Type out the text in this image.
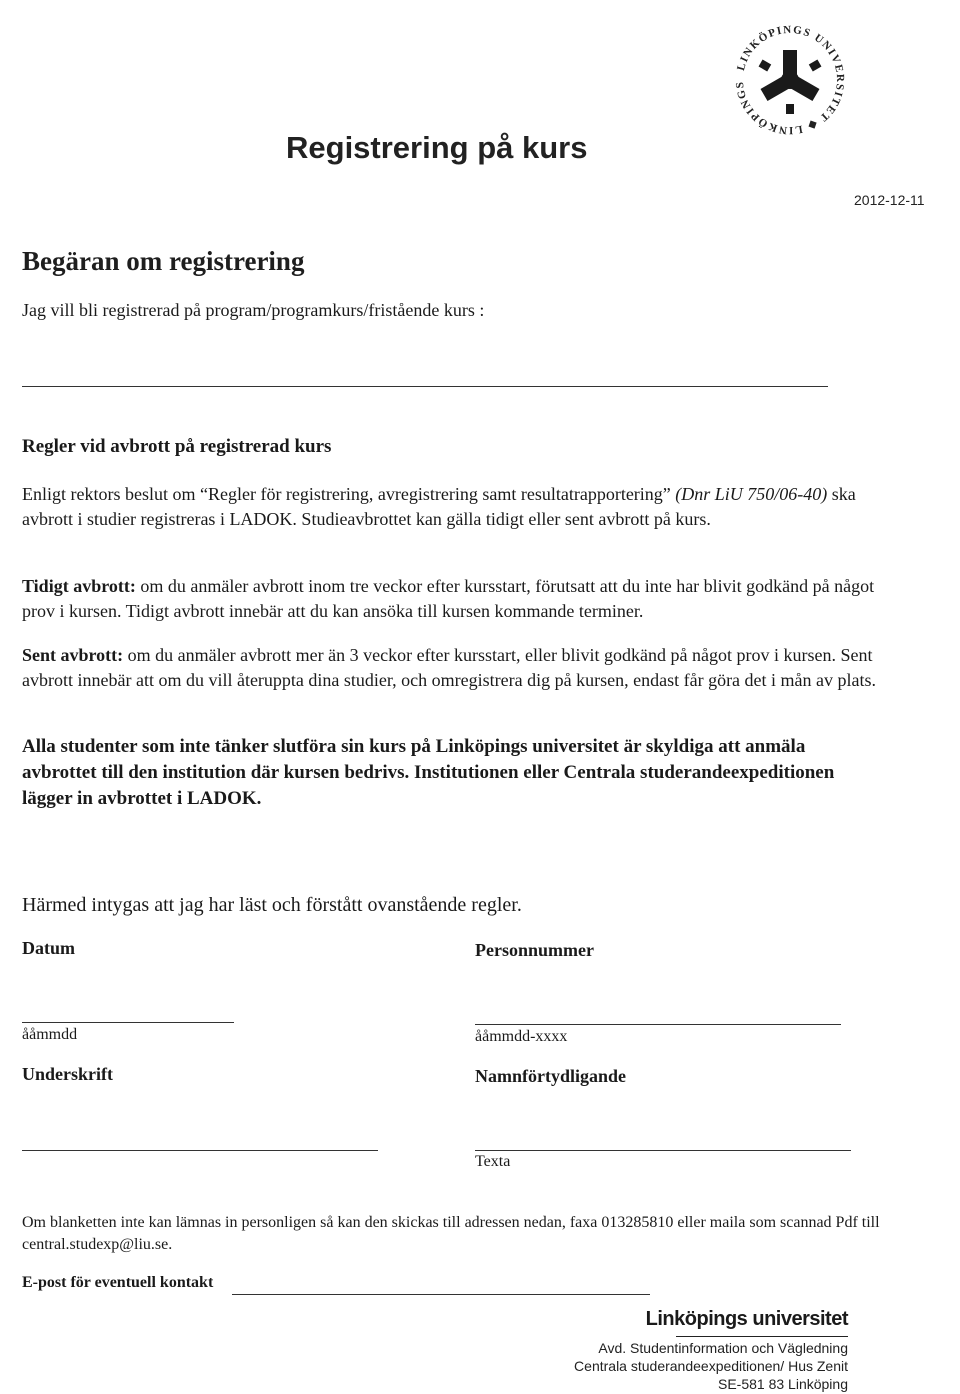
LINKÖPINGS UNIVERSITET ◆ LINKÖPINGS
Registrering på kurs
2012-12-11
Begäran om registrering
Jag vill bli registrerad på program/programkurs/fristående kurs :
Regler vid avbrott på registrerad kurs
Enligt rektors beslut om “Regler för registrering, avregistrering samt resultatrapportering” (Dnr LiU 750/06-40) ska avbrott i studier registreras i LADOK. Studieavbrottet kan gälla tidigt eller sent avbrott på kurs.
Tidigt avbrott: om du anmäler avbrott inom tre veckor efter kursstart, förutsatt att du inte har blivit godkänd på något prov i kursen. Tidigt avbrott innebär att du kan ansöka till kursen kommande terminer.
Sent avbrott: om du anmäler avbrott mer än 3 veckor efter kursstart, eller blivit godkänd på något prov i kursen. Sent avbrott innebär att om du vill återuppta dina studier, och omregistrera dig på kursen, endast får göra det i mån av plats.
Alla studenter som inte tänker slutföra sin kurs på Linköpings universitet är skyldiga att anmäla avbrottet till den institution där kursen bedrivs. Institutionen eller Centrala studerandeexpeditionen lägger in avbrottet i LADOK.
Härmed intygas att jag har läst och förstått ovanstående regler.
Datum	Personnummer
ååmmdd	ååmmdd-xxxx
Underskrift	Namnförtydligande
Texta
Om blanketten inte kan lämnas in personligen så kan den skickas till adressen nedan, faxa 013285810 eller maila som scannad Pdf till central.studexp@liu.se.
E-post för eventuell kontakt
Linköpings universitet
Avd. Studentinformation och Vägledning
Centrala studerandeexpeditionen/ Hus Zenit
SE-581 83 Linköping
